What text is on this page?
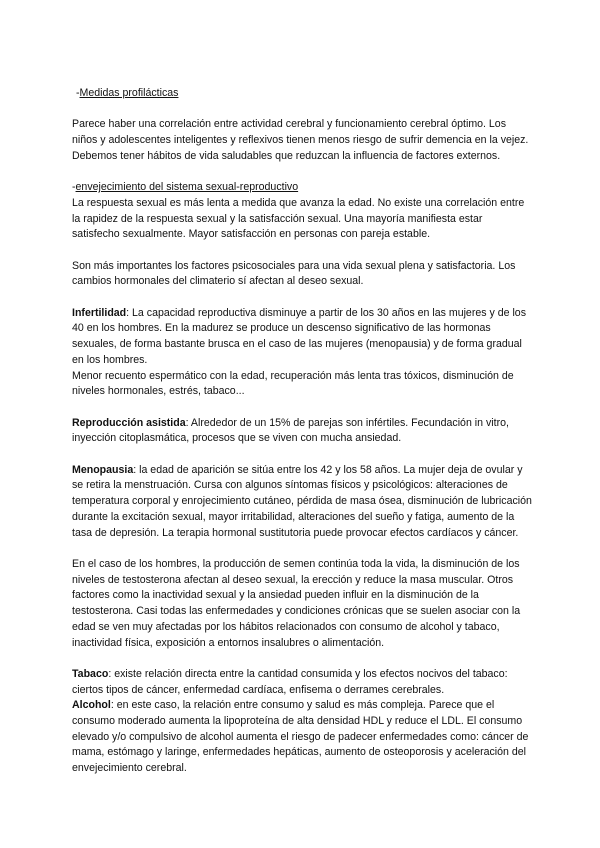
-Medidas profilácticas

Parece haber una correlación entre actividad cerebral y funcionamiento cerebral óptimo. Los niños y adolescentes inteligentes y reflexivos tienen menos riesgo de sufrir demencia en la vejez. Debemos tener hábitos de vida saludables que reduzcan la influencia de factores externos.

-envejecimiento del sistema sexual-reproductivo

La respuesta sexual es más lenta a medida que avanza la edad. No existe una correlación entre la rapidez de la respuesta sexual y la satisfacción sexual. Una mayoría manifiesta estar satisfecho sexualmente. Mayor satisfacción en personas con pareja estable.

Son más importantes los factores psicosociales para una vida sexual plena y satisfactoria. Los cambios hormonales del climaterio sí afectan al deseo sexual.

Infertilidad: La capacidad reproductiva disminuye a partir de los 30 años en las mujeres y de los 40 en los hombres. En la madurez se produce un descenso significativo de las hormonas sexuales, de forma bastante brusca en el caso de las mujeres (menopausia) y de forma gradual en los hombres.

Menor recuento espermático con la edad, recuperación más lenta tras tóxicos, disminución de niveles hormonales, estrés, tabaco...

Reproducción asistida: Alrededor de un 15% de parejas son infértiles. Fecundación in vitro, inyección citoplasmática, procesos que se viven con mucha ansiedad.

Menopausia: la edad de aparición se sitúa entre los 42 y los 58 años. La mujer deja de ovular y se retira la menstruación. Cursa con algunos síntomas físicos y psicológicos: alteraciones de temperatura corporal y enrojecimiento cutáneo, pérdida de masa ósea, disminución de lubricación durante la excitación sexual, mayor irritabilidad, alteraciones del sueño y fatiga, aumento de la tasa de depresión. La terapia hormonal sustitutoria puede provocar efectos cardíacos y cáncer.

En el caso de los hombres, la producción de semen continúa toda la vida, la disminución de los niveles de testosterona afectan al deseo sexual, la erección y reduce la masa muscular. Otros factores como la inactividad sexual y la ansiedad pueden influir en la disminución de la testosterona. Casi todas las enfermedades y condiciones crónicas que se suelen asociar con la edad se ven muy afectadas por los hábitos relacionados con consumo de alcohol y tabaco, inactividad física, exposición a entornos insalubres o alimentación.

Tabaco: existe relación directa entre la cantidad consumida y los efectos nocivos del tabaco: ciertos tipos de cáncer, enfermedad cardíaca, enfisema o derrames cerebrales.

Alcohol: en este caso, la relación entre consumo y salud es más compleja. Parece que el consumo moderado aumenta la lipoproteína de alta densidad HDL y reduce el LDL. El consumo elevado y/o compulsivo de alcohol aumenta el riesgo de padecer enfermedades como: cáncer de mama, estómago y laringe, enfermedades hepáticas, aumento de osteoporosis y aceleración del envejecimiento cerebral.
